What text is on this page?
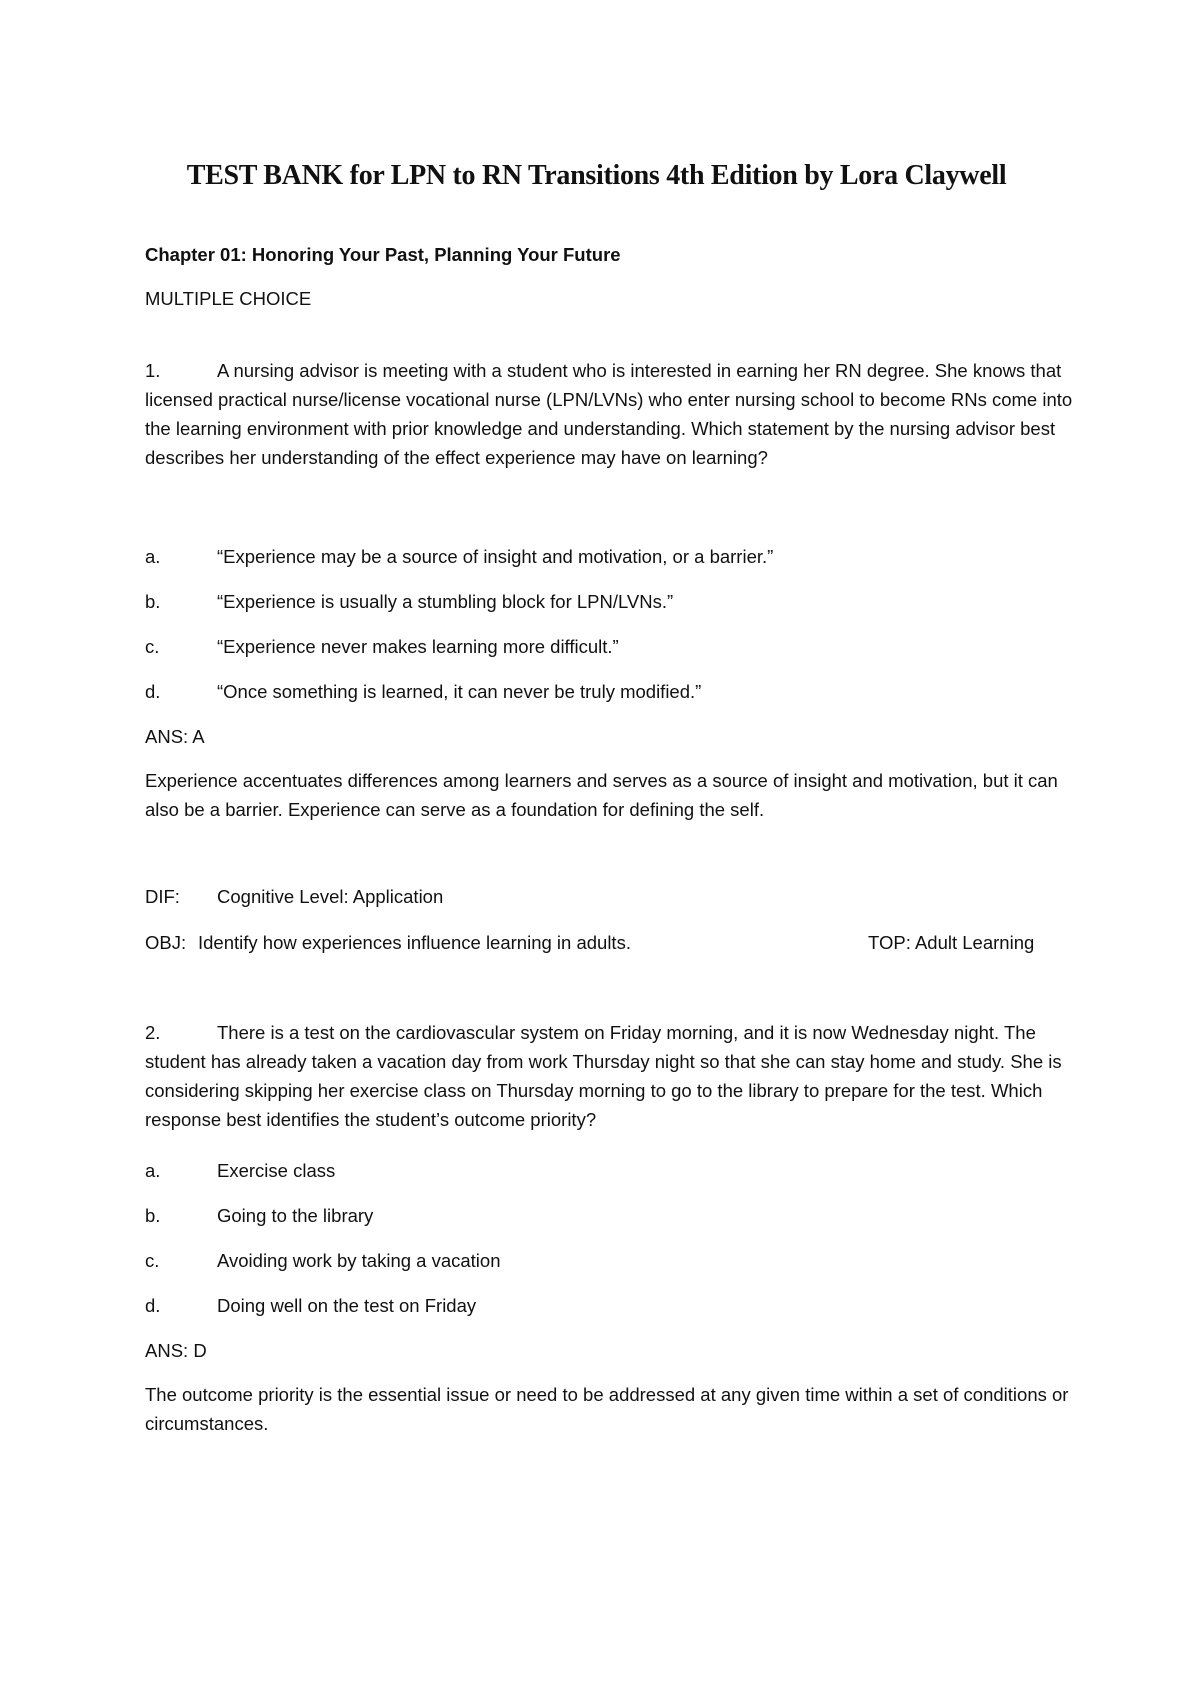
TEST BANK for LPN to RN Transitions 4th Edition by Lora Claywell

Chapter 01: Honoring Your Past, Planning Your Future

MULTIPLE CHOICE

1.	A nursing advisor is meeting with a student who is interested in earning her RN degree. She knows that licensed practical nurse/license vocational nurse (LPN/LVNs) who enter nursing school to become RNs come into the learning environment with prior knowledge and understanding. Which statement by the nursing advisor best describes her understanding of the effect experience may have on learning?

a.	“Experience may be a source of insight and motivation, or a barrier.”

b.	“Experience is usually a stumbling block for LPN/LVNs.”

c.	“Experience never makes learning more difficult.”

d.	“Once something is learned, it can never be truly modified.”

ANS: A

Experience accentuates differences among learners and serves as a source of insight and motivation, but it can also be a barrier. Experience can serve as a foundation for defining the self.

DIF: Cognitive Level: Application

OBJ: Identify how experiences influence learning in adults.	TOP: Adult Learning

2.	There is a test on the cardiovascular system on Friday morning, and it is now Wednesday night. The student has already taken a vacation day from work Thursday night so that she can stay home and study. She is considering skipping her exercise class on Thursday morning to go to the library to prepare for the test. Which response best identifies the student’s outcome priority?

a.	Exercise class

b.	Going to the library

c.	Avoiding work by taking a vacation

d.	Doing well on the test on Friday

ANS: D

The outcome priority is the essential issue or need to be addressed at any given time within a set of conditions or circumstances.
